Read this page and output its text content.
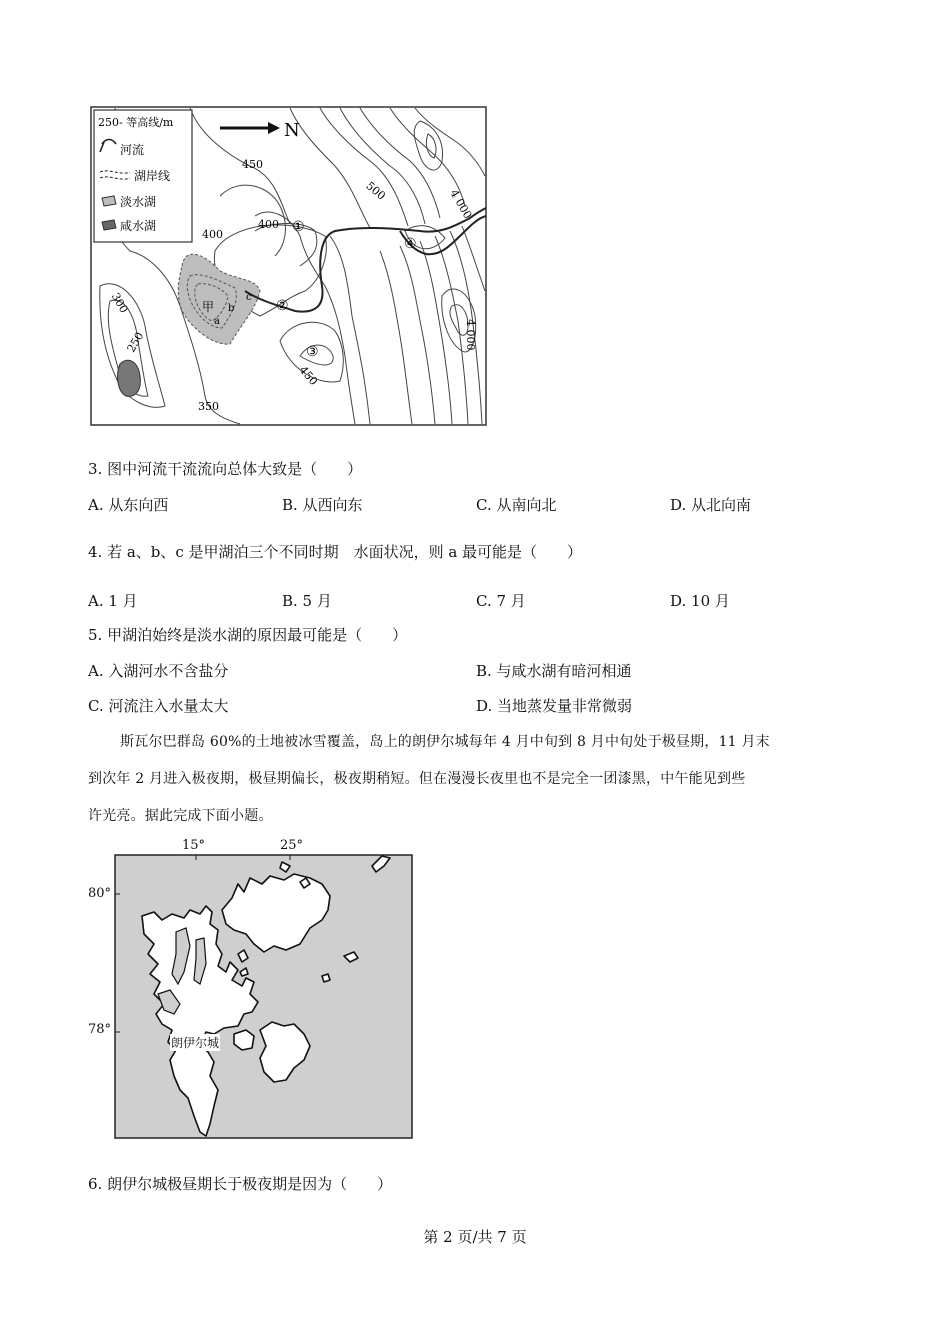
250- 等高线/m
河流
湖岸线
淡水湖
咸水湖
N
450
500	4 000
400
400
300
250
350
450
4 000
甲
a
b
c
①
②
③
④
3. 图中河流干流流向总体大致是（　　）
A. 从东向西	B. 从西向东	C. 从南向北	D. 从北向南
4. 若 a、b、c 是甲湖泊三个不同时期　水面状况，则 a 最可能是（　　）
A. 1 月	B. 5 月	C. 7 月	D. 10 月
5. 甲湖泊始终是淡水湖的原因最可能是（　　）
A. 入湖河水不含盐分	B. 与咸水湖有暗河相通
C. 河流注入水量太大	D. 当地蒸发量非常微弱
斯瓦尔巴群岛 60%的土地被冰雪覆盖，岛上的朗伊尔城每年 4 月中旬到 8 月中旬处于极昼期，11 月末
到次年 2 月进入极夜期，极昼期偏长，极夜期稍短。但在漫漫长夜里也不是完全一团漆黑，中午能见到些
许光亮。据此完成下面小题。
15°	25°
80°
78°
朗伊尔城
6. 朗伊尔城极昼期长于极夜期是因为（　　）
第 2 页/共 7 页
